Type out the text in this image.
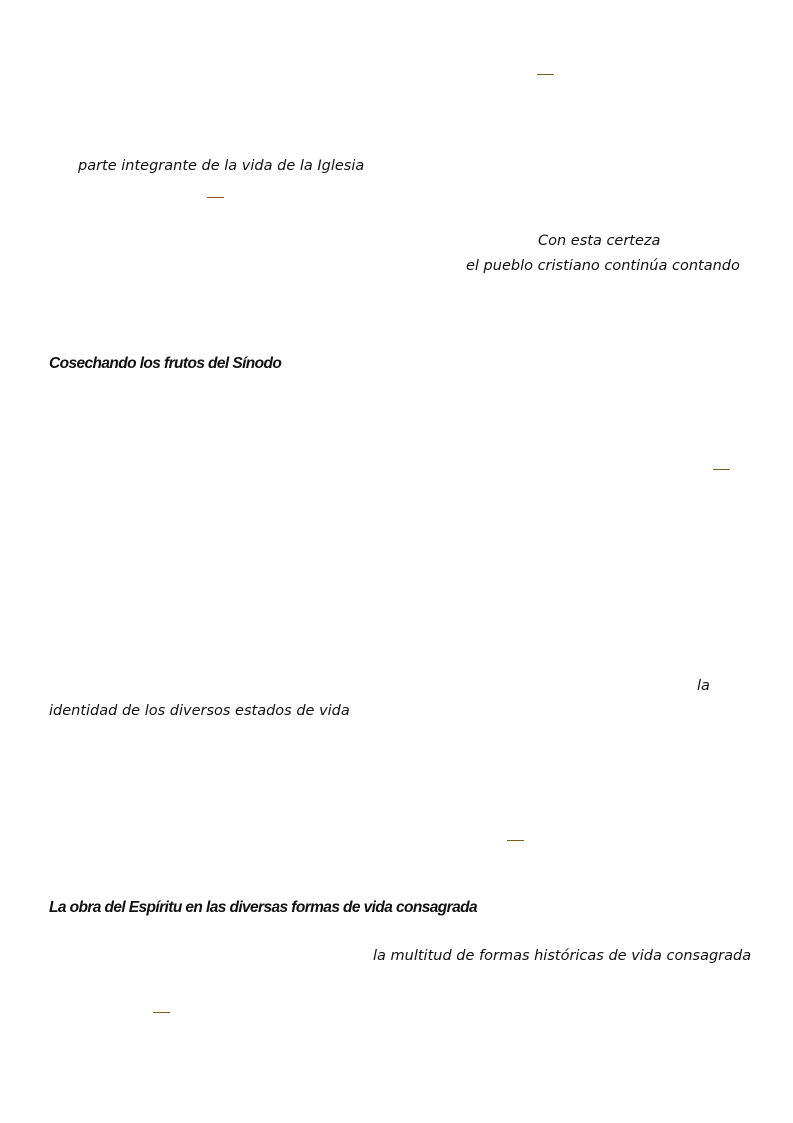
parte integrante de la vida de la Iglesia
Con esta certeza
el pueblo cristiano continúa contando
Cosechando los frutos del Sínodo
la
identidad de los diversos estados de vida
La obra del Espíritu en las diversas formas de vida consagrada
la multitud de formas históricas de vida consagrada
